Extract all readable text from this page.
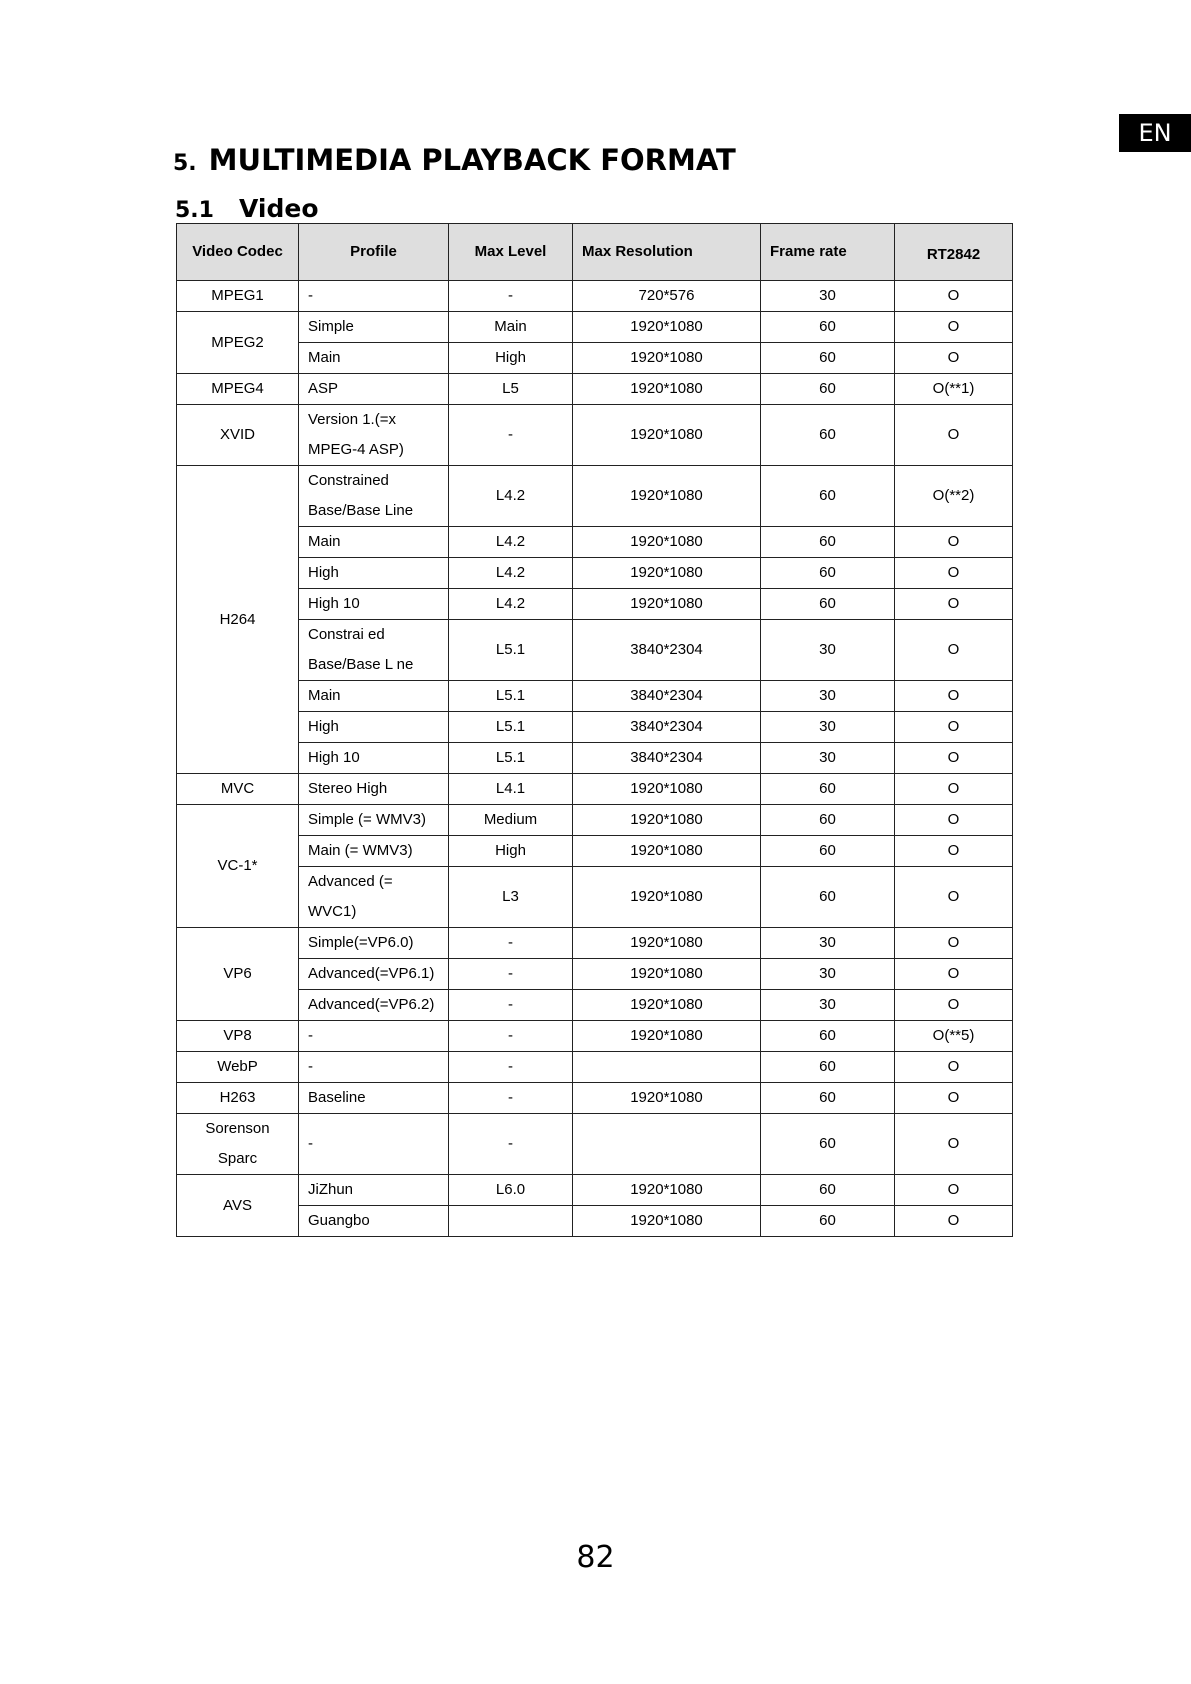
EN
5. MULTIMEDIA PLAYBACK FORMAT
5.1 Video
Video Codec	Profile	Max Level	Max Resolution	Frame rate	RT2842
MPEG1	-	-	720*576	30	O
MPEG2	Simple	Main	1920*1080	60	O
	Main	High	1920*1080	60	O
MPEG4	ASP	L5	1920*1080	60	O(**1)
XVID	Version 1.(=x MPEG-4 ASP)	-	1920*1080	60	O
H264	Constrained Base/Base Line	L4.2	1920*1080	60	O(**2)
	Main	L4.2	1920*1080	60	O
	High	L4.2	1920*1080	60	O
	High 10	L4.2	1920*1080	60	O
	Constrai ed Base/Base L ne	L5.1	3840*2304	30	O
	Main	L5.1	3840*2304	30	O
	High	L5.1	3840*2304	30	O
	High 10	L5.1	3840*2304	30	O
MVC	Stereo High	L4.1	1920*1080	60	O
VC-1*	Simple (= WMV3)	Medium	1920*1080	60	O
	Main (= WMV3)	High	1920*1080	60	O
	Advanced (= WVC1)	L3	1920*1080	60	O
VP6	Simple(=VP6.0)	-	1920*1080	30	O
	Advanced(=VP6.1)	-	1920*1080	30	O
	Advanced(=VP6.2)	-	1920*1080	30	O
VP8	-	-	1920*1080	60	O(**5)
WebP	-	-		60	O
H263	Baseline	-	1920*1080	60	O
Sorenson Sparc	-	-		60	O
AVS	JiZhun	L6.0	1920*1080	60	O
	Guangbo		1920*1080	60	O
82
